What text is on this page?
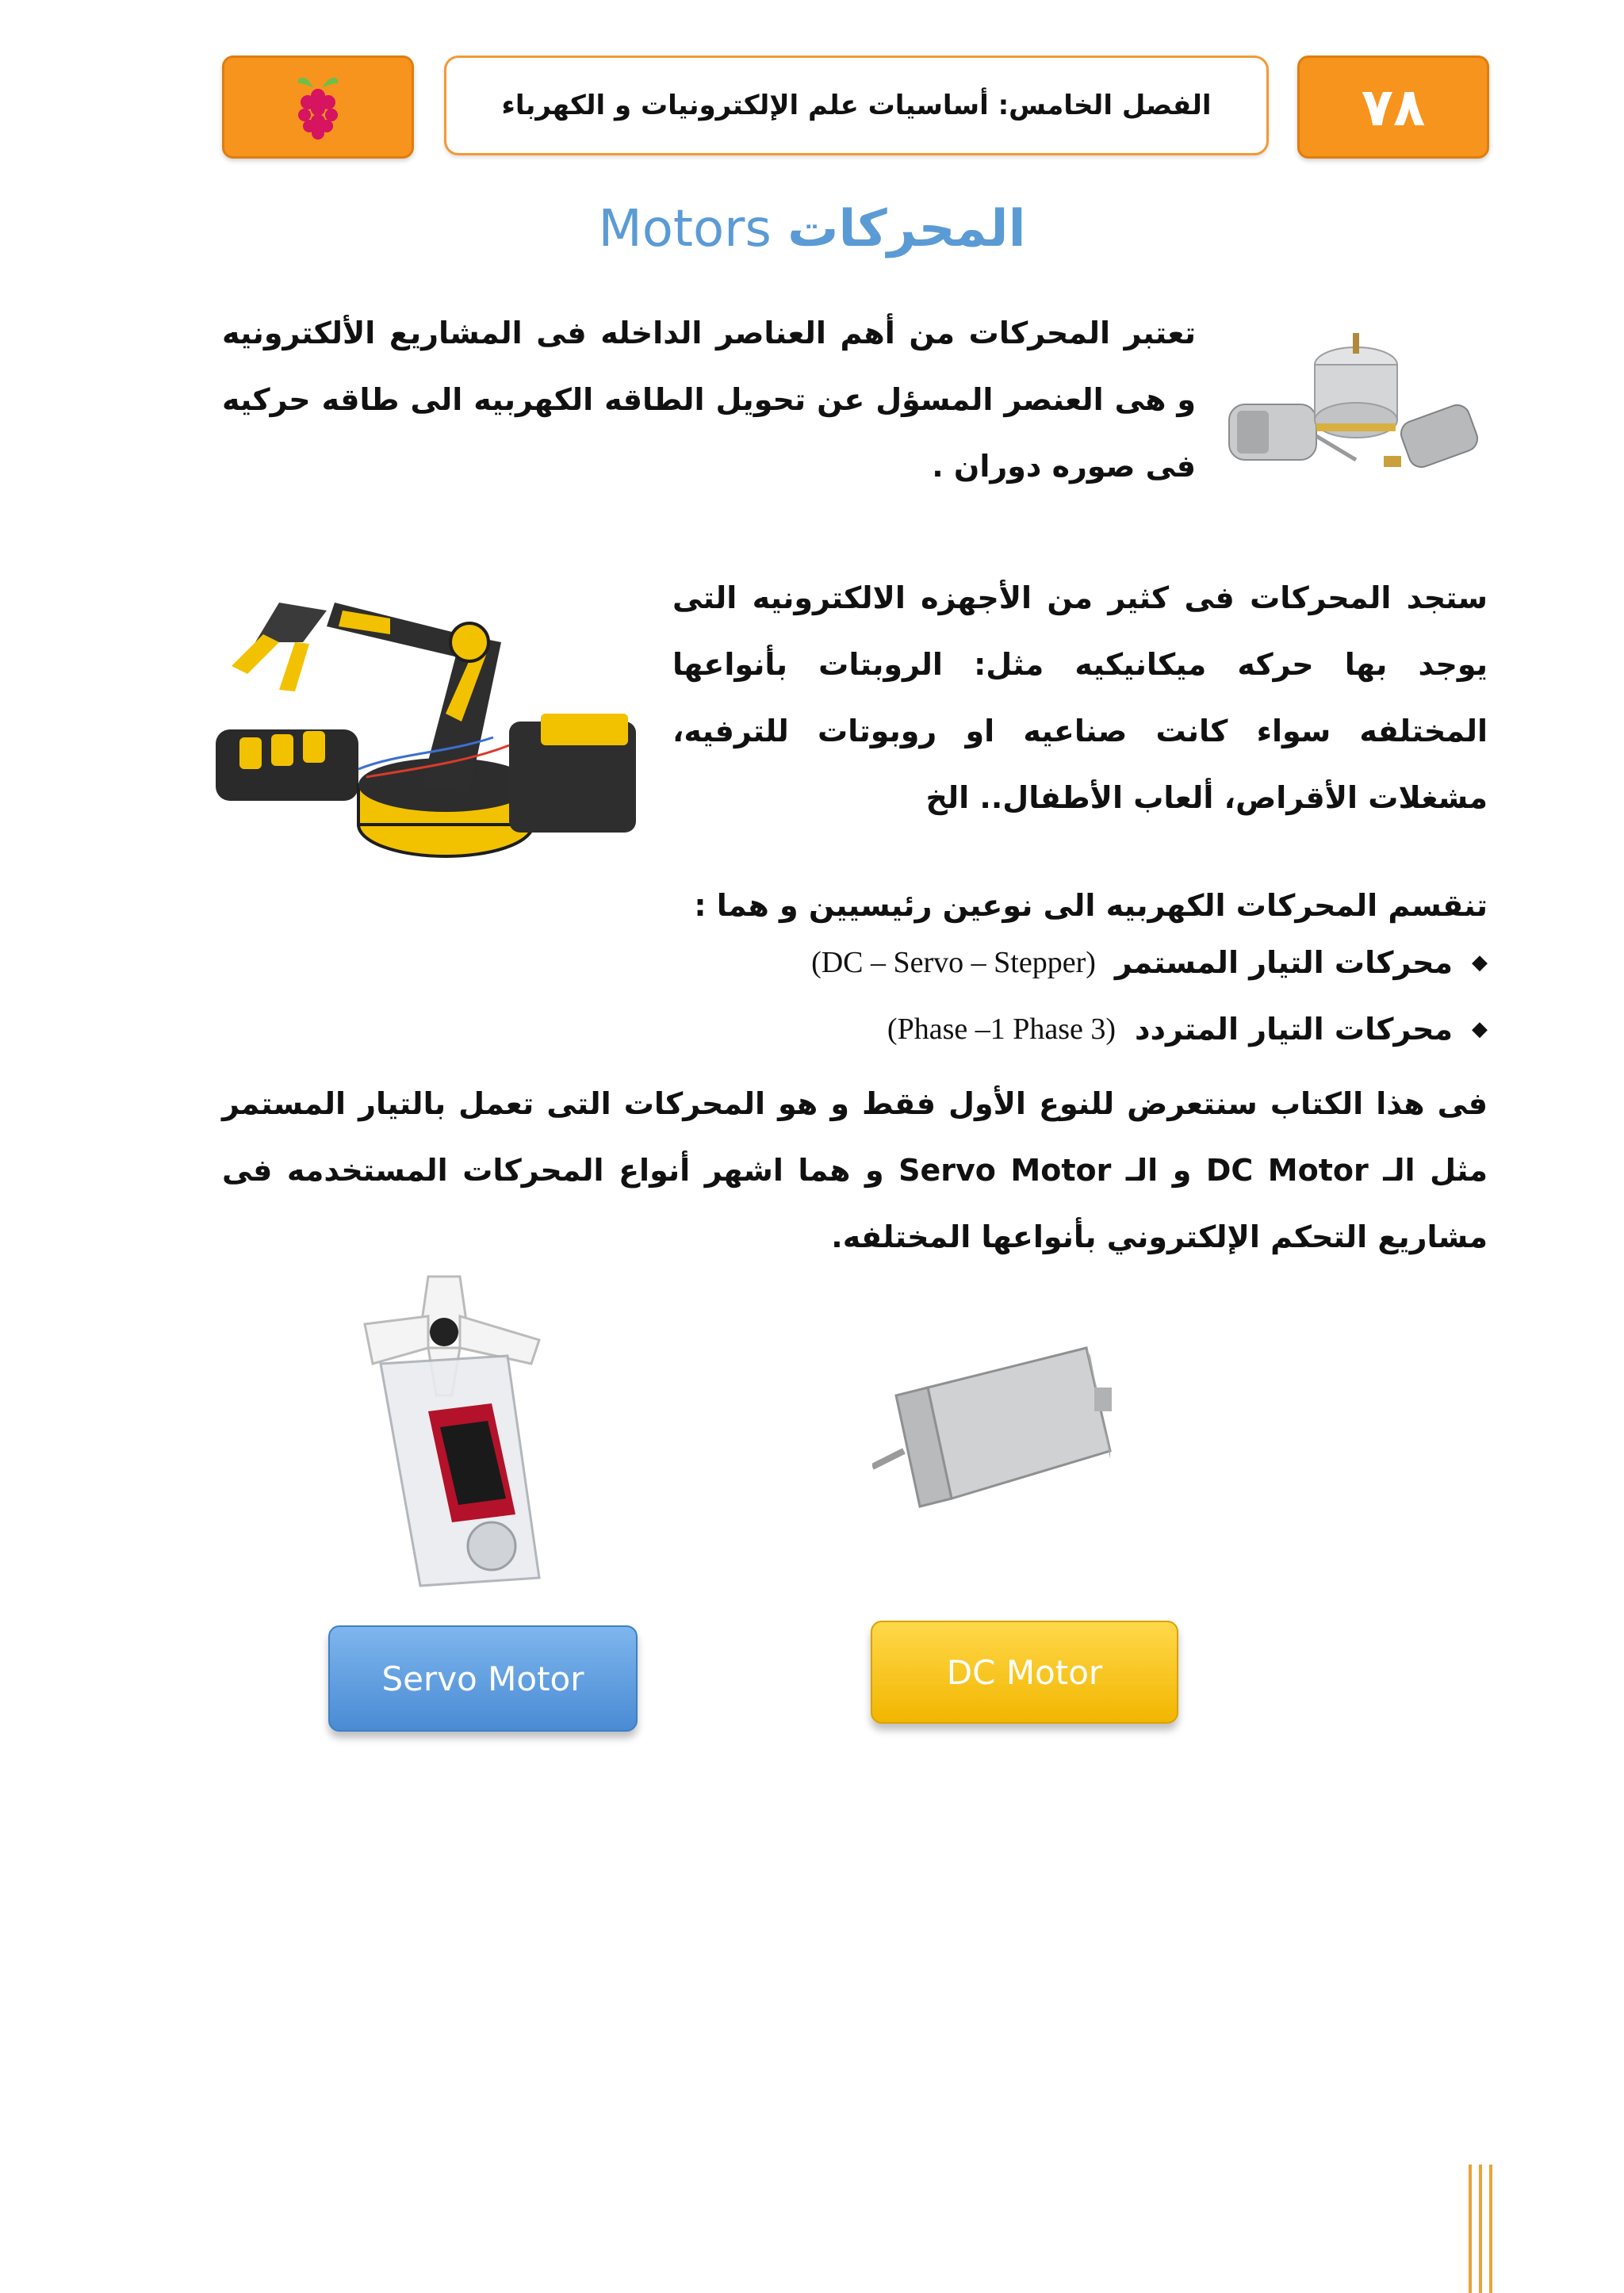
الفصل الخامس: أساسيات علم الإلكترونيات و الكهرباء	٧٨
Motors المحركات
تعتبر المحركات من أهم العناصر الداخله فى المشاريع الألكترونيه و هى العنصر المسؤل عن تحويل الطاقه الكهربيه الى طاقه حركيه فى صوره دوران .
ستجد المحركات فى كثير من الأجهزه الالكترونيه التى يوجد بها حركه ميكانيكيه مثل: الروبتات بأنواعها المختلفه سواء كانت صناعيه او روبوتات للترفيه، مشغلات الأقراص، ألعاب الأطفال.. الخ
تنقسم المحركات الكهربيه الى نوعين رئيسيين و هما :
◆
محركات التيار المستمر
(DC – Servo – Stepper)
◆
محركات التيار المتردد
(3 Phase –1 Phase)
فى هذا الكتاب سنتعرض للنوع الأول فقط و هو المحركات التى تعمل بالتيار المستمر مثل الـ DC Motor و الـ Servo Motor و هما اشهر أنواع المحركات المستخدمه فى مشاريع التحكم الإلكتروني بأنواعها المختلفه.
Servo Motor	DC Motor
